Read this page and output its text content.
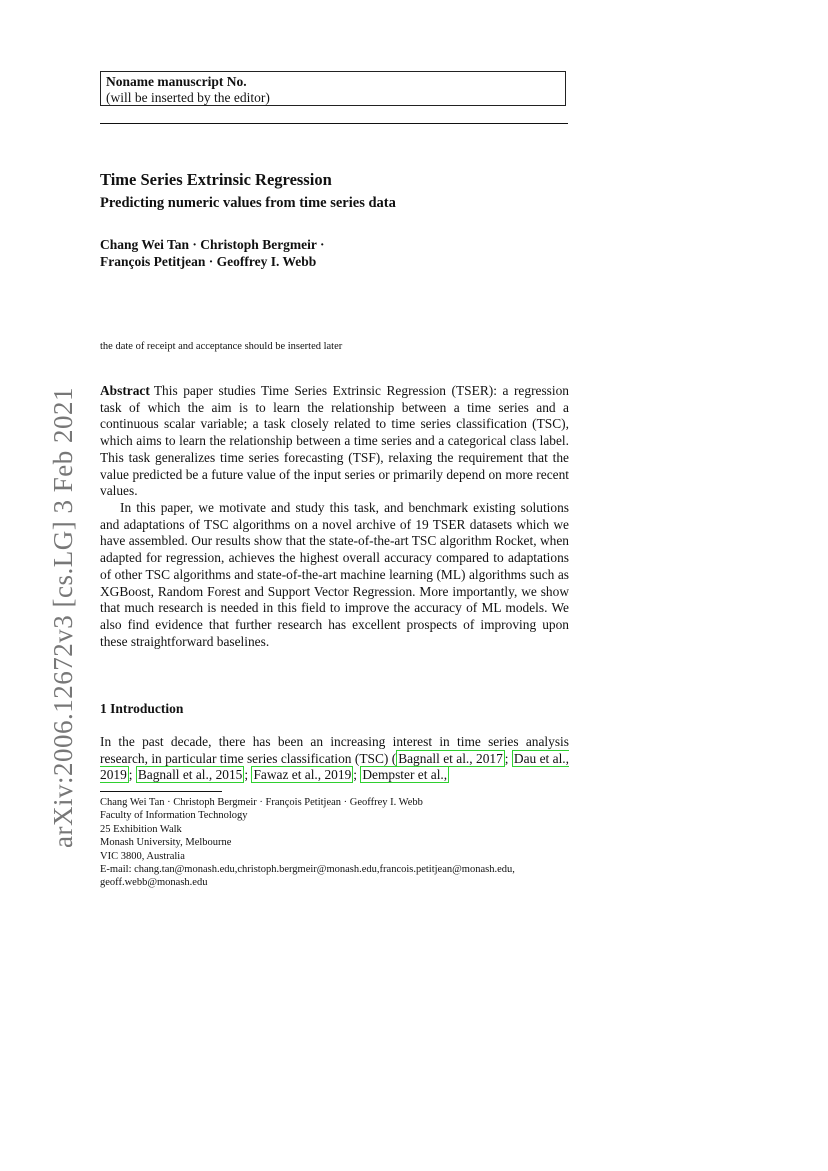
Noname manuscript No.
(will be inserted by the editor)
Time Series Extrinsic Regression
Predicting numeric values from time series data
Chang Wei Tan · Christoph Bergmeir ·
François Petitjean · Geoffrey I. Webb
the date of receipt and acceptance should be inserted later
Abstract This paper studies Time Series Extrinsic Regression (TSER): a regression task of which the aim is to learn the relationship between a time series and a continuous scalar variable; a task closely related to time series classification (TSC), which aims to learn the relationship between a time series and a categorical class label. This task generalizes time series forecasting (TSF), relaxing the requirement that the value predicted be a future value of the input series or primarily depend on more recent values.
In this paper, we motivate and study this task, and benchmark existing solutions and adaptations of TSC algorithms on a novel archive of 19 TSER datasets which we have assembled. Our results show that the state-of-the-art TSC algorithm Rocket, when adapted for regression, achieves the highest overall accuracy compared to adaptations of other TSC algorithms and state-of-the-art machine learning (ML) algorithms such as XGBoost, Random Forest and Support Vector Regression. More importantly, we show that much research is needed in this field to improve the accuracy of ML models. We also find evidence that further research has excellent prospects of improving upon these straightforward baselines.
1 Introduction
In the past decade, there has been an increasing interest in time series analysis research, in particular time series classification (TSC) ( Bagnall et al., 2017 ; Dau et al., 2019 ; Bagnall et al., 2015 ; Fawaz et al., 2019 ; Dempster et al.,
Chang Wei Tan · Christoph Bergmeir · François Petitjean · Geoffrey I. Webb
Faculty of Information Technology
25 Exhibition Walk
Monash University, Melbourne
VIC 3800, Australia
E-mail: chang.tan@monash.edu,christoph.bergmeir@monash.edu,francois.petitjean@monash.edu,
geoff.webb@monash.edu
arXiv:2006.12672v3 [cs.LG] 3 Feb 2021
